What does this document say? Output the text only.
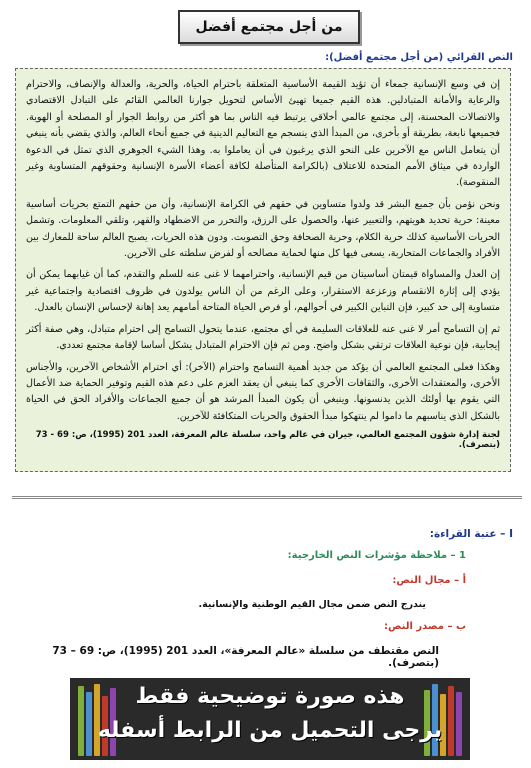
من أجل مجتمع أفضل
النص القرائي (من أجل مجتمع أفضل):

إن في وسع الإنسانية جمعاء أن تؤيد القيمة الأساسية المتعلقة باحترام الحياة، والحرية، والعدالة والإنصاف، والاحترام والرعاية والأمانة المتبادلين. هذه القيم جميعا تهيئ الأساس لتحويل جوارنا العالمي القائم على التبادل الاقتصادي والاتصالات المحسنة، إلى مجتمع عالمي أخلاقي يرتبط فيه الناس بما هو أكثر من روابط الجوار أو المصلحة أو الهوية. فجميعها نابعة، بطريقة أو بأخرى، من المبدأ الذي ينسجم مع التعاليم الدينية في جميع أنحاء العالم، والذي يقضي بأنه ينبغي أن يتعامل الناس مع الآخرين على النحو الذي يرغبون في أن يعاملوا به. وهذا الشيء الجوهري الذي تمثل في الدعوة الواردة في ميثاق الأمم المتحدة للاعتلاف (بالكرامة المتأصلة لكافة أعضاء الأسرة الإنسانية وحقوقهم المتساوية وغير المنقوصة).

ونحن نؤمن بأن جميع البشر قد ولدوا متساوين في حقهم في الكرامة الإنسانية، وأن من حقهم التمتع بحريات أساسية معينة: حرية تحديد هويتهم، والتعبير عنها، والحصول على الرزق، والتحرر من الاضطهاد والقهر، وتلقي المعلومات. وتشمل الحريات الأساسية كذلك حرية الكلام، وحرية الصحافة وحق التصويت. ودون هذه الحريات، يصبح العالم ساحة للمعارك بين الأفراد والجماعات المتحاربة، يسعى فيها كل منها لحماية مصالحه أو لفرض سلطته على الآخرين.

إن العدل والمساواة قيمتان أساسيتان من قيم الإنسانية، واحترامهما لا غنى عنه للسلم والتقدم، كما أن غيابهما يمكن أن يؤدي إلى إثارة الانقسام وزعزعة الاستقرار، وعلى الرغم من أن الناس يولدون في ظروف اقتصادية واجتماعية غير متساوية إلى حد كبير، فإن التباين الكبير في أحوالهم، أو فرص الحياة المتاحة أمامهم يعد إهانة لإحساس الإنسان بالعدل.

ثم إن التسامح أمر لا غنى عنه للعلاقات السليمة في أي مجتمع، عندما يتحول التسامح إلى احترام متبادل، وهي صفة أكثر إيجابية، فإن نوعية العلاقات ترتقي بشكل واضح. ومن ثم فإن الاحترام المتبادل يشكل أساسا لإقامة مجتمع تعددي.

وهكذا فعلى المجتمع العالمي أن يؤكد من جديد أهمية التسامح واحترام (الآخر): أي احترام الأشخاص الآخرين، والأجناس الأخرى، والمعتقدات الأخرى، والثقافات الأخرى كما ينبغي أن يعقد العزم على دعم هذه القيم وتوفير الحماية ضد الأعمال التي يقوم بها أولئك الذين يدنسونها. وينبغي أن يكون المبدأ المرشد هو أن جميع الجماعات والأفراد الحق في الحياة بالشكل الذي يناسبهم ما داموا لم ينتهكوا مبدأ الحقوق والحريات المتكافئة للآخرين.

لجنة إدارة شؤون المجتمع العالمي، جيران في عالم واحد، سلسلة عالم المعرفة، العدد 201 (1995)، ص: 69 - 73 (بتصرف).
I – عتبة القراءة:
1 – ملاحظة مؤشرات النص الخارجية:
أ – مجال النص:
يندرج النص ضمن مجال القيم الوطنية والإنسانية.
ب – مصدر النص:
النص مقتطف من سلسلة «عالم المعرفة»، العدد 201 (1995)، ص: 69 – 73 (بتصرف).
هذه صورة توضيحية فقط
يرجى التحميل من الرابط أسفله
